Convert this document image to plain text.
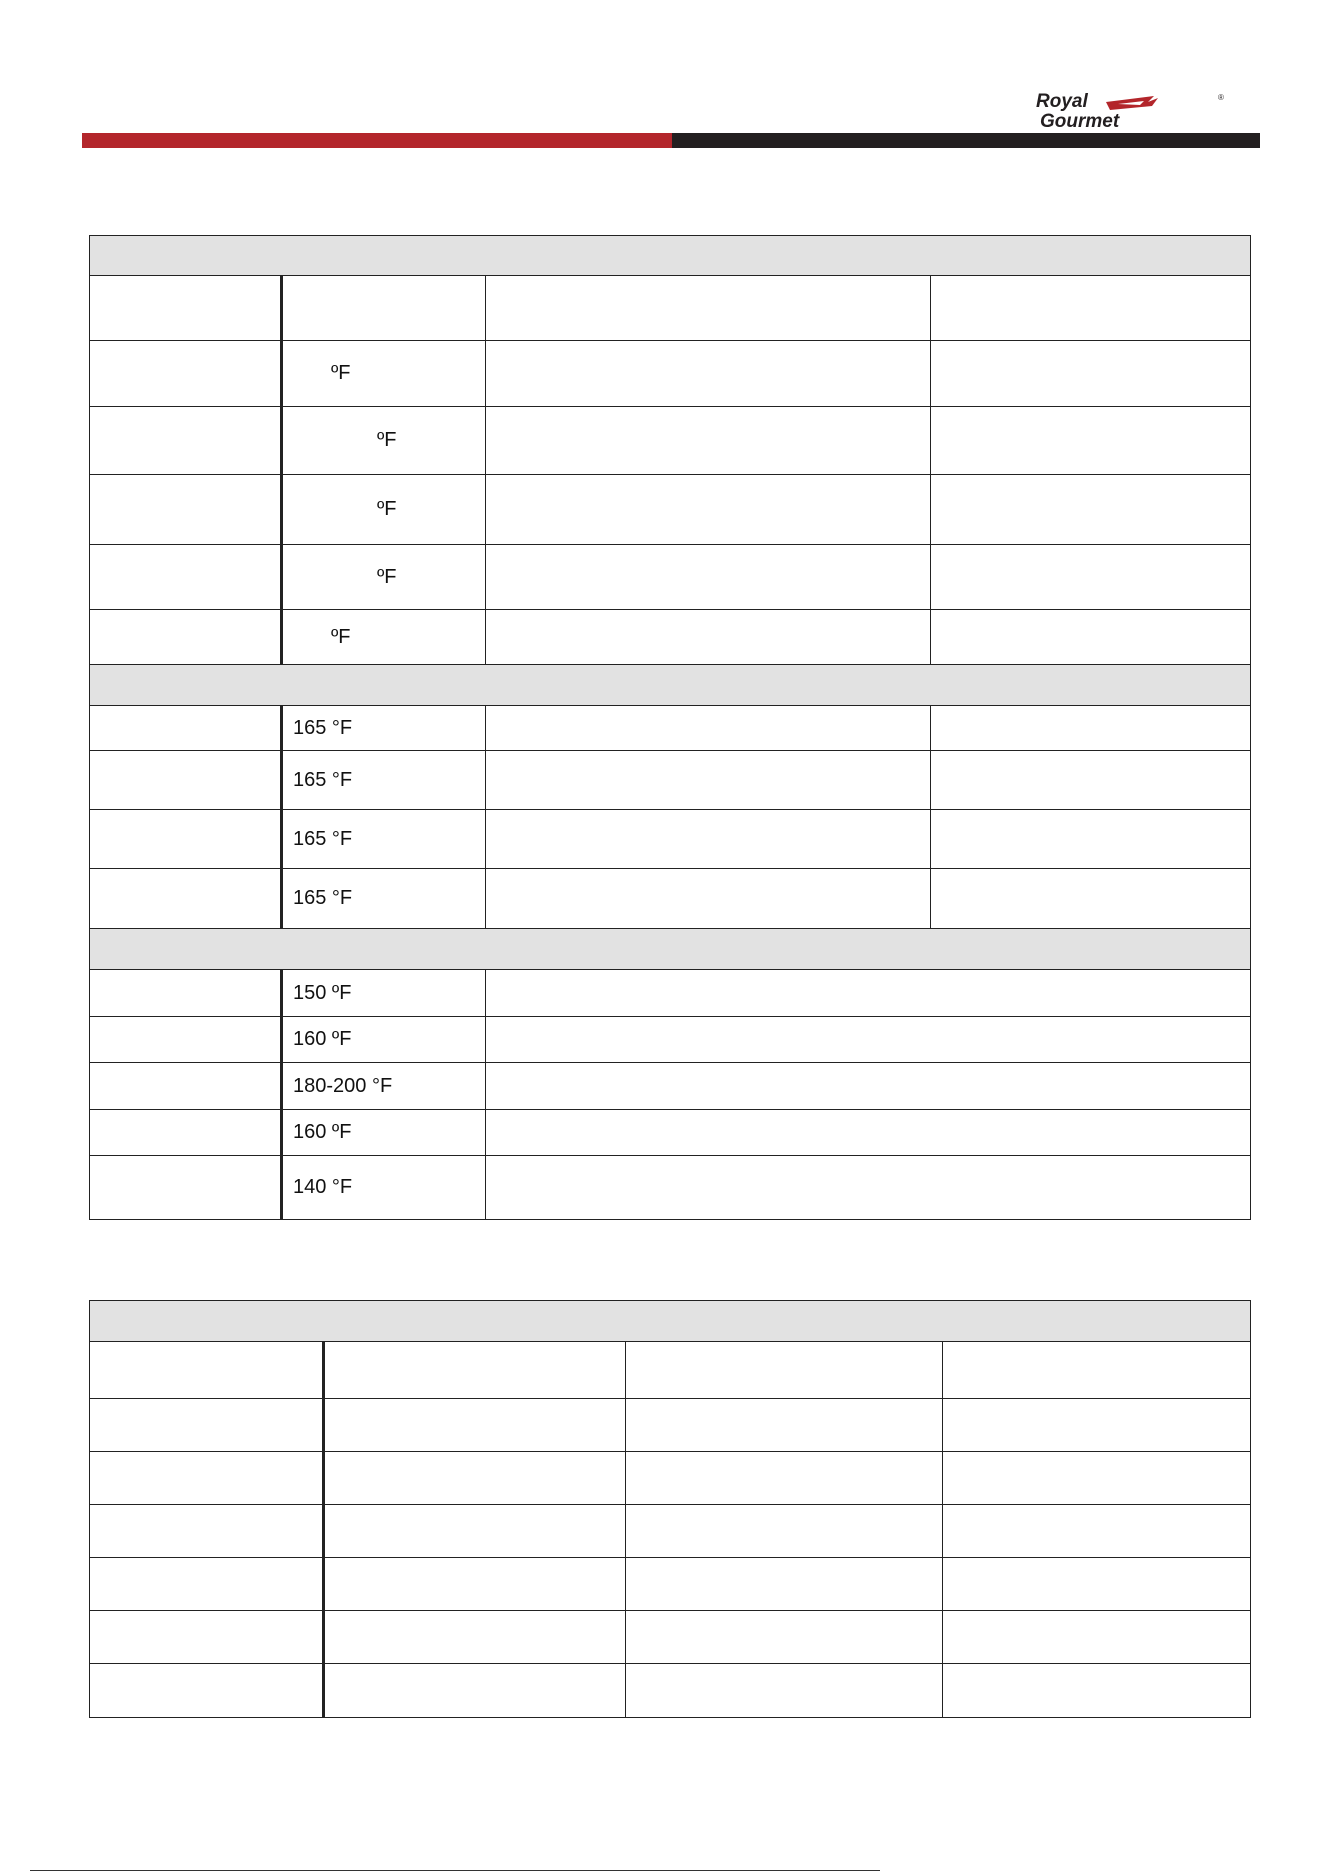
Royal
Gourmet
®

	ºF		
	ºF		
	ºF		
	ºF		
	ºF		

	165 °F		
	165 °F		
	165 °F		
	165 °F		

	150 ºF		
	160 ºF		
	180-200 °F		
	160 ºF		
	140 °F		
